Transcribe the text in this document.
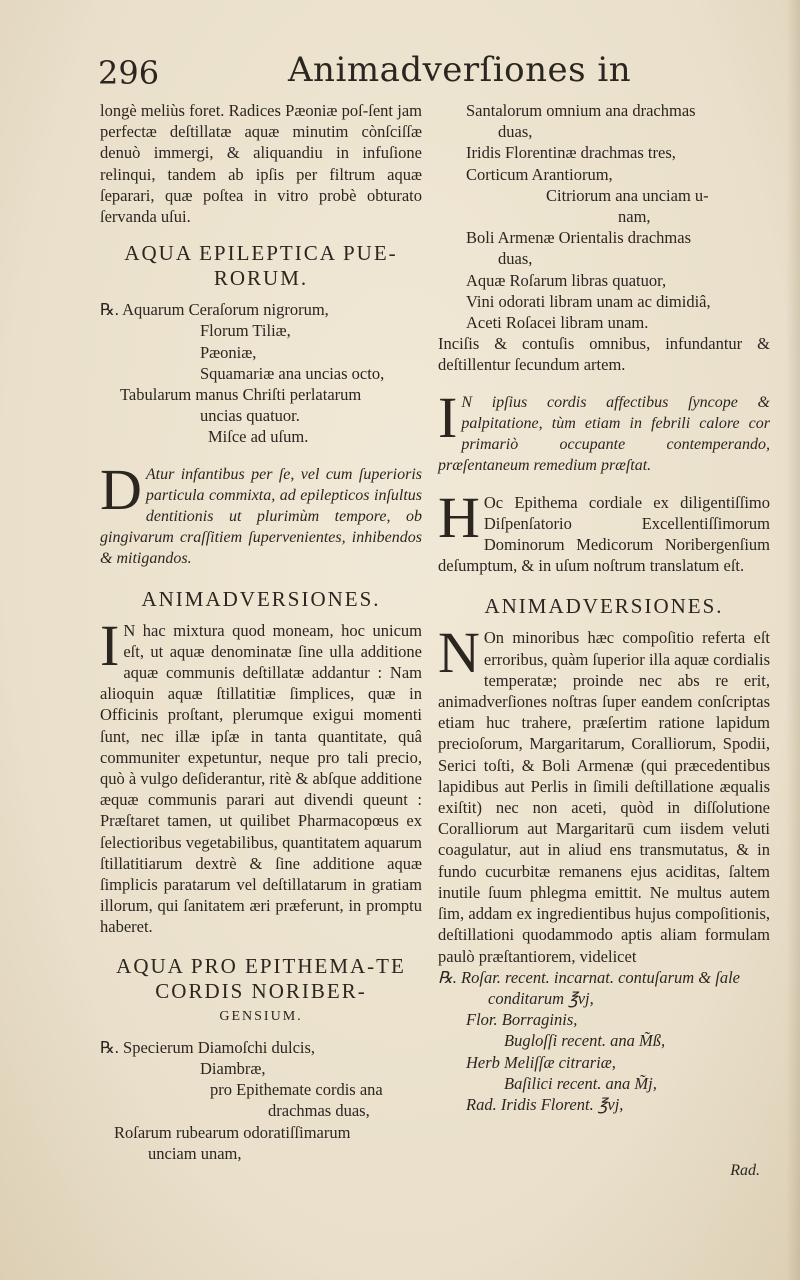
296	Animadverſiones in

longè meliùs foret. Radices Pæoniæ poſ-ſent jam perfectæ deſtillatæ aquæ minutim cònſciſſæ denuò immergi, & aliquandiu in infuſione relinqui, tandem ab ipſis per filtrum aquæ ſeparari, quæ poſtea in vitro probè obturato ſervanda uſui.

AQUA EPILEPTICA PUE-RORUM.
℞. Aquarum Ceraſorum nigrorum,
Florum Tiliæ,
Pæoniæ,
Squamariæ ana uncias octo,
Tabularum manus Chriſti perlatarum
uncias quatuor.
Miſce ad uſum.
D Atur infantibus per ſe, vel cum ſuperioris particula commixta, ad epilepticos inſultus dentitionis ut plurimùm tempore, ob gingivarum craſſitiem ſupervenientes, inhibendos & mitigandos.

ANIMADVERSIONES.
I N hac mixtura quod moneam, hoc unicum eſt, ut aquæ denominatæ ſine ulla additione aquæ communis deſtillatæ addantur : Nam alioquin aquæ ſtillatitiæ ſimplices, quæ in Officinis proſtant, plerumque exigui momenti ſunt, nec illæ ipſæ in tanta quantitate, quâ communiter expetuntur, neque pro tali precio, quò à vulgo deſiderantur, ritè & abſque additione æquæ communis parari aut divendi queunt : Præſtaret tamen, ut quilibet Pharmacopœus ex ſelectioribus vegetabilibus, quantitatem aquarum ſtillatitiarum dextrè & ſine additione aquæ ſimplicis paratarum vel deſtillatarum in gratiam illorum, qui ſanitatem æri præferunt, in promptu haberet.

AQUA PRO EPITHEMA-TE CORDIS NORIBER-
GENSIUM.
℞. Specierum Diamoſchi dulcis,
Diambræ,
pro Epithemate cordis ana
drachmas duas,
Roſarum rubearum odoratiſſimarum
unciam unam,
Santalorum omnium ana drachmas
duas,
Iridis Florentinæ drachmas tres,
Corticum Arantiorum,
Citriorum ana unciam u-
nam,
Boli Armenæ Orientalis drachmas
duas,
Aquæ Roſarum libras quatuor,
Vini odorati libram unam ac dimidiâ,
Aceti Roſacei libram unam.
Inciſis & contuſis omnibus, infundantur & deſtillentur ſecundum artem.
I N ipſius cordis affectibus ſyncope & palpitatione, tùm etiam in febrili calore cor primariò occupante contemperando, præſentaneum remedium præſtat.

H Oc Epithema cordiale ex diligentiſſimo Diſpenſatorio Excellentiſſimorum Dominorum Medicorum Noribergenſium deſumptum, & in uſum noſtrum translatum eſt.

ANIMADVERSIONES.
N On minoribus hæc compoſitio referta eſt erroribus, quàm ſuperior illa aquæ cordialis temperatæ; proinde nec abs re erit, animadverſiones noſtras ſuper eandem conſcriptas etiam huc trahere, præſertim ratione lapidum precioſorum, Margaritarum, Coralliorum, Spodii, Serici toſti, & Boli Armenæ (qui præcedentibus lapidibus aut Perlis in ſimili deſtillatione æqualis exiſtit) nec non aceti, quòd in diſſolutione Coralliorum aut Margaritarū cum iisdem veluti coagulatur, aut in aliud ens transmutatus, & in fundo cucurbitæ remanens ejus aciditas, ſaltem inutile ſuum phlegma emittit. Ne multus autem ſim, addam ex ingredientibus hujus compoſitionis, deſtillationi quodammodo aptis aliam formulam paulò præſtantiorem, videlicet

℞. Roſar. recent. incarnat. contuſarum & ſale
conditarum ℥vj,
Flor. Borraginis,
Bugloſſi recent. ana M̃ß,
Herb Meliſſæ citrariæ,
Baſilici recent. ana M̃j,
Rad. Iridis Florent. ℥vj,
Rad.
